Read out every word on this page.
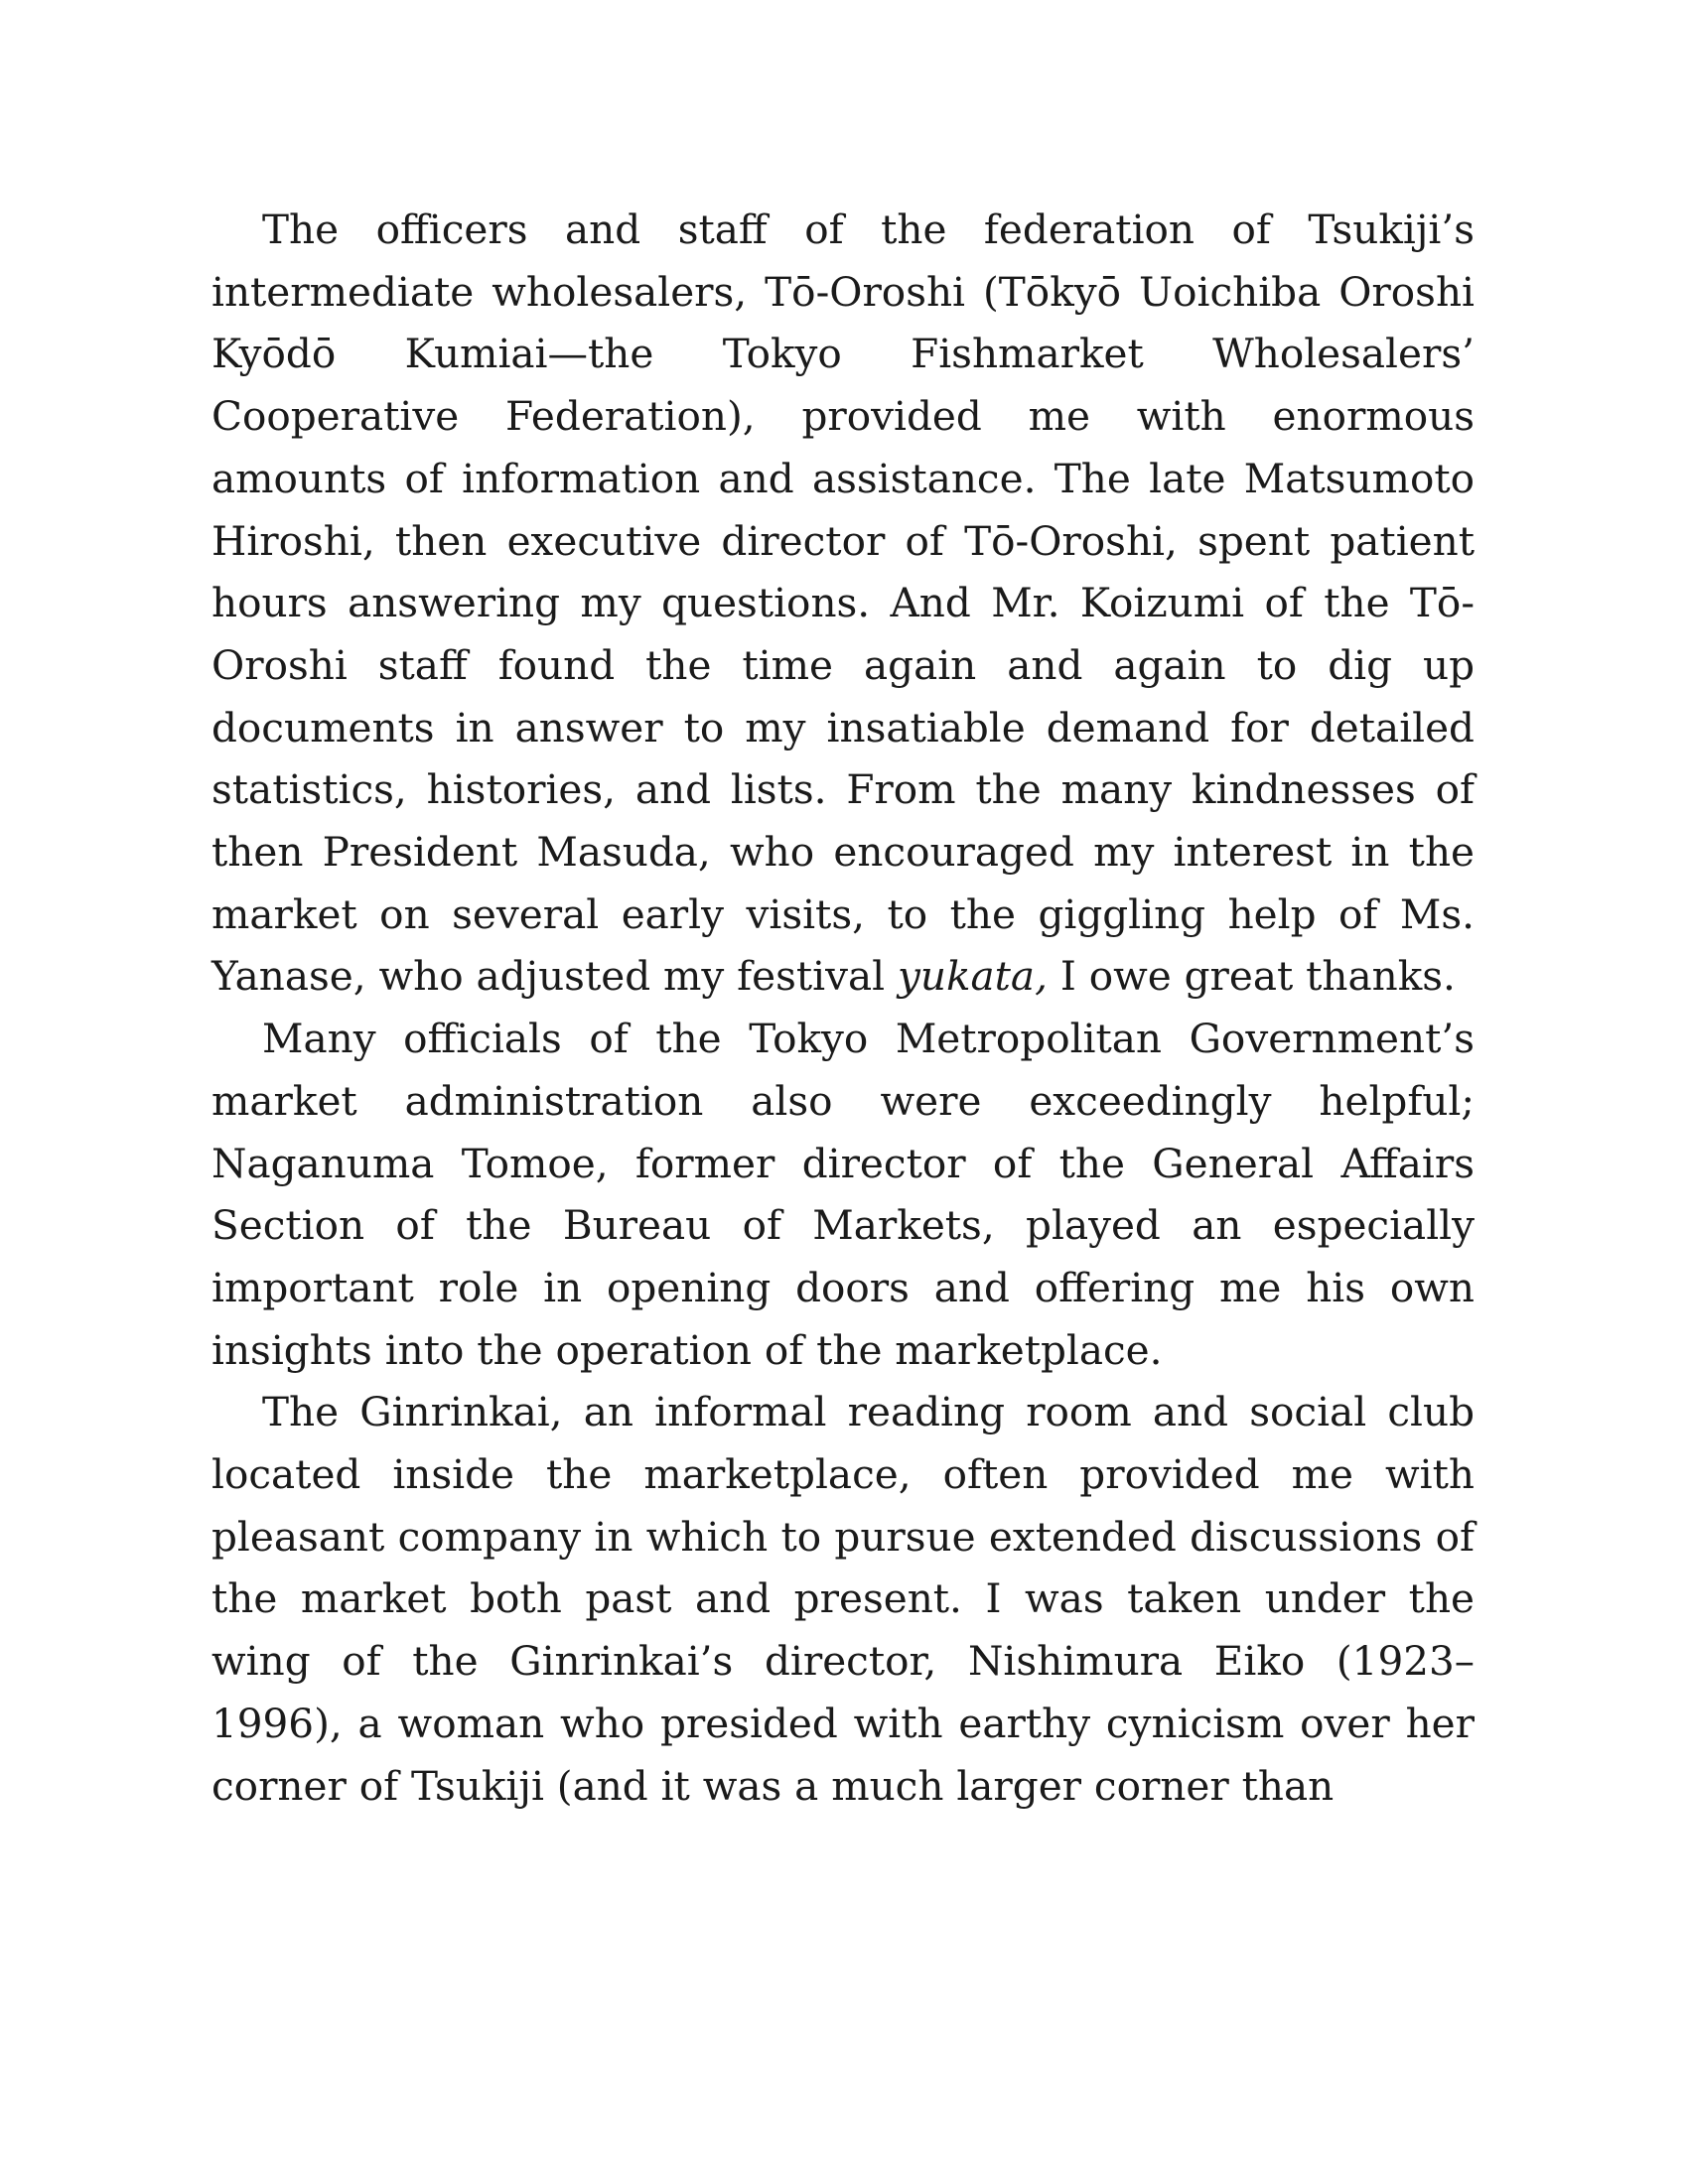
The officers and staff of the federation of Tsukiji’s intermediate wholesalers, Tō-Oroshi (Tōkyō Uoichiba Oroshi Kyōdō Kumiai—the Tokyo Fishmarket Wholesalers’ Cooperative Federation), provided me with enormous amounts of information and assistance. The late Matsumoto Hiroshi, then executive director of Tō-Oroshi, spent patient hours answering my questions. And Mr. Koizumi of the Tō-Oroshi staff found the time again and again to dig up documents in answer to my insatiable demand for detailed statistics, histories, and lists. From the many kindnesses of then President Masuda, who encouraged my interest in the market on several early visits, to the giggling help of Ms. Yanase, who adjusted my festival yukata, I owe great thanks.

Many officials of the Tokyo Metropolitan Government’s market administration also were exceedingly helpful; Naganuma Tomoe, former director of the General Affairs Section of the Bureau of Markets, played an especially important role in opening doors and offering me his own insights into the operation of the marketplace.

The Ginrinkai, an informal reading room and social club located inside the marketplace, often provided me with pleasant company in which to pursue extended discussions of the market both past and present. I was taken under the wing of the Ginrinkai’s director, Nishimura Eiko (1923–1996), a woman who presided with earthy cynicism over her corner of Tsukiji (and it was a much larger corner than
